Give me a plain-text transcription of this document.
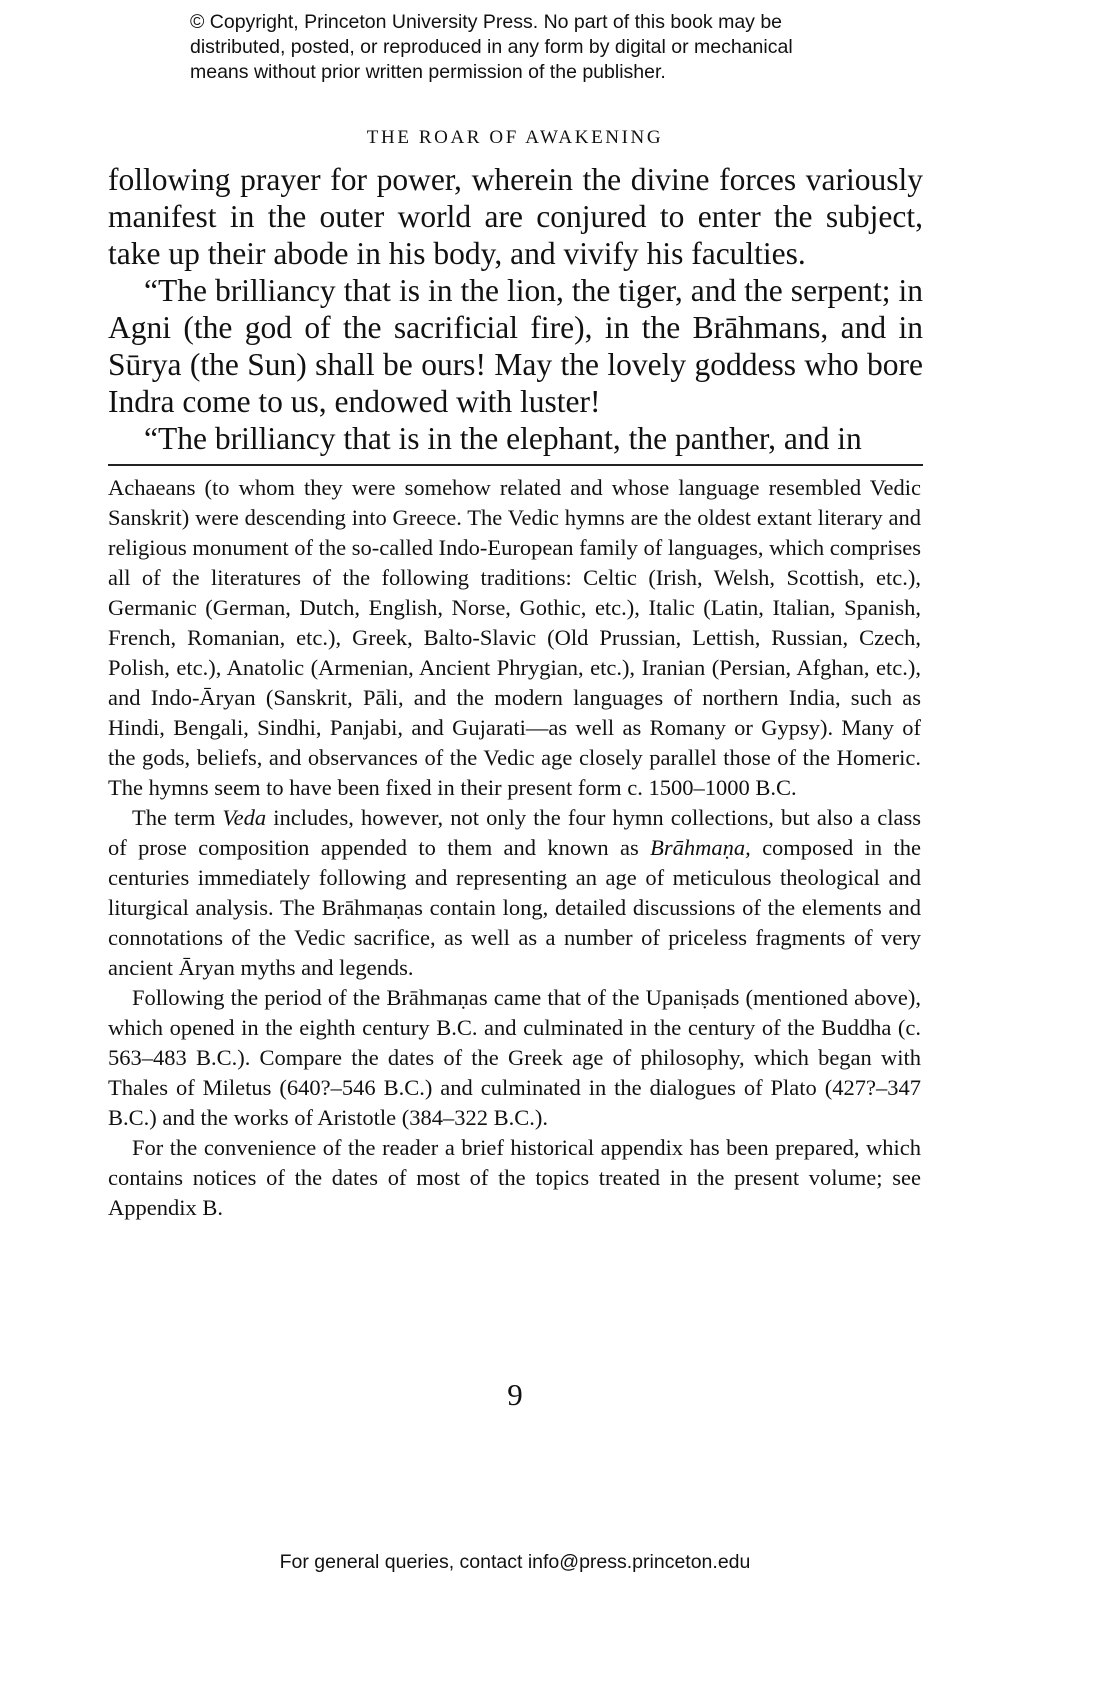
© Copyright, Princeton University Press. No part of this book may be
distributed, posted, or reproduced in any form by digital or mechanical
means without prior written permission of the publisher.
THE ROAR OF AWAKENING

following prayer for power, wherein the divine forces variously manifest in the outer world are conjured to enter the subject, take up their abode in his body, and vivify his faculties.

“The brilliancy that is in the lion, the tiger, and the serpent; in Agni (the god of the sacrificial fire), in the Brāhmans, and in Sūrya (the Sun) shall be ours! May the lovely goddess who bore Indra come to us, endowed with luster!

“The brilliancy that is in the elephant, the panther, and in

Achaeans (to whom they were somehow related and whose language resembled Vedic Sanskrit) were descending into Greece. The Vedic hymns are the oldest extant literary and religious monument of the so-called Indo-European family of languages, which comprises all of the literatures of the following traditions: Celtic (Irish, Welsh, Scottish, etc.), Germanic (German, Dutch, English, Norse, Gothic, etc.), Italic (Latin, Italian, Spanish, French, Romanian, etc.), Greek, Balto-Slavic (Old Prussian, Lettish, Russian, Czech, Polish, etc.), Anatolic (Armenian, Ancient Phrygian, etc.), Iranian (Persian, Afghan, etc.), and Indo-Āryan (Sanskrit, Pāli, and the modern languages of northern India, such as Hindi, Bengali, Sindhi, Panjabi, and Gujarati—as well as Romany or Gypsy). Many of the gods, beliefs, and observances of the Vedic age closely parallel those of the Homeric. The hymns seem to have been fixed in their present form c. 1500–1000 B.C.

The term Veda includes, however, not only the four hymn collections, but also a class of prose composition appended to them and known as Brāhmaṇa, composed in the centuries immediately following and representing an age of meticulous theological and liturgical analysis. The Brāhmaṇas contain long, detailed discussions of the elements and connotations of the Vedic sacrifice, as well as a number of priceless fragments of very ancient Āryan myths and legends.

Following the period of the Brāhmaṇas came that of the Upaniṣads (mentioned above), which opened in the eighth century B.C. and culminated in the century of the Buddha (c. 563–483 B.C.). Compare the dates of the Greek age of philosophy, which began with Thales of Miletus (640?–546 B.C.) and culminated in the dialogues of Plato (427?–347 B.C.) and the works of Aristotle (384–322 B.C.).

For the convenience of the reader a brief historical appendix has been prepared, which contains notices of the dates of most of the topics treated in the present volume; see Appendix B.

9
For general queries, contact info@press.princeton.edu
